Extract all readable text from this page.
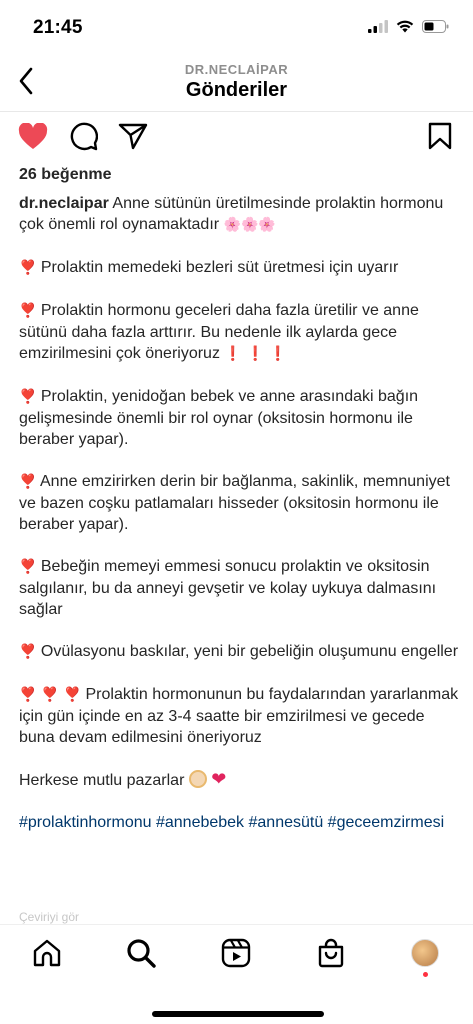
21:45
DR.NECLAİPAR
Gönderiler
26 beğenme

dr.neclaipar Anne sütünün üretilmesinde prolaktin hormonu çok önemli rol oynamaktadır 🌸🌸🌸

❣️ Prolaktin memedeki bezleri süt üretmesi için uyarır

❣️ Prolaktin hormonu geceleri daha fazla üretilir ve anne sütünü daha fazla arttırır. Bu nedenle ilk aylarda gece emzirilmesini çok öneriyoruz ❗ ❗ ❗

❣️ Prolaktin, yenidoğan bebek ve anne arasındaki bağın gelişmesinde önemli bir rol oynar (oksitosin hormonu ile beraber yapar).

❣️ Anne emzirirken derin bir bağlanma, sakinlik, memnuniyet ve bazen coşku patlamaları hisseder (oksitosin hormonu ile beraber yapar).

❣️ Bebeğin memeyi emmesi sonucu prolaktin ve oksitosin salgılanır, bu da anneyi gevşetir ve kolay uykuya dalmasını sağlar

❣️ Ovülasyonu baskılar, yeni bir gebeliğin oluşumunu engeller

❣️ ❣️ ❣️ Prolaktin hormonunun bu faydalarından yararlanmak için gün içinde en az 3-4 saatte bir emzirilmesi ve gecede buna devam edilmesini öneriyoruz

Herkese mutlu pazarlar  ❤

#prolaktinhormonu #annebebek #annesütü #geceemzirmesi

Çeviriyi gör
